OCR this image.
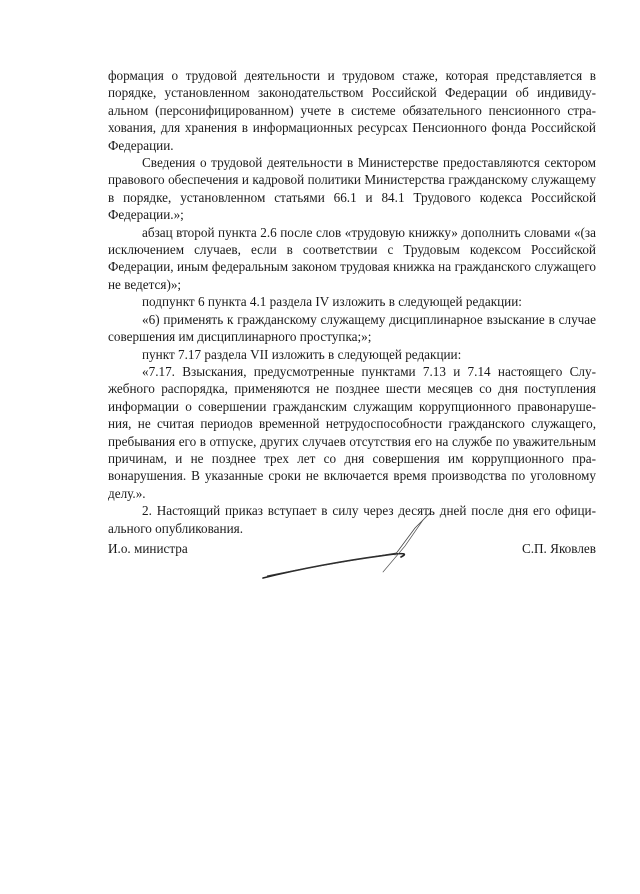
формация о трудовой деятельности и трудовом стаже, которая представляется в порядке, установленном законодательством Российской Федерации об индивидуальном (персонифицированном) учете в системе обязательного пенсионного страхования, для хранения в информационных ресурсах Пенсионного фонда Российской Федерации.

Сведения о трудовой деятельности в Министерстве предоставляются сектором правового обеспечения и кадровой политики Министерства гражданскому служащему в порядке, установленном статьями 66.1 и 84.1 Трудового кодекса Российской Федерации.»;

абзац второй пункта 2.6 после слов «трудовую книжку» дополнить словами «(за исключением случаев, если в соответствии с Трудовым кодексом Российской Федерации, иным федеральным законом трудовая книжка на гражданского служащего не ведется)»;

подпункт 6 пункта 4.1 раздела IV изложить в следующей редакции:

«6) применять к гражданскому служащему дисциплинарное взыскание в случае совершения им дисциплинарного проступка;»;

пункт 7.17 раздела VII изложить в следующей редакции:

«7.17. Взыскания, предусмотренные пунктами 7.13 и 7.14 настоящего Служебного распорядка, применяются не позднее шести месяцев со дня поступления информации о совершении гражданским служащим коррупционного правонарушения, не считая периодов временной нетрудоспособности гражданского служащего, пребывания его в отпуске, других случаев отсутствия его на службе по уважительным причинам, и не позднее трех лет со дня совершения им коррупционного правонарушения. В указанные сроки не включается время производства по уголовному делу.».

2. Настоящий приказ вступает в силу через десять дней после дня его официального опубликования.

И.о. министра	С.П. Яковлев
